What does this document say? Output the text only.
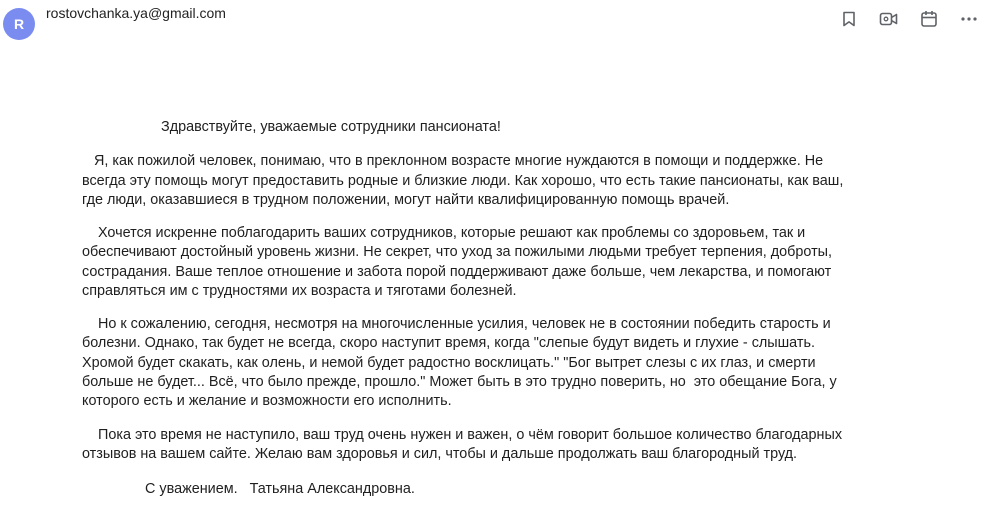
R
rostovchanka.ya@gmail.com
Здравствуйте, уважаемые сотрудники пансионата!
Я, как пожилой человек, понимаю, что в преклонном возрасте многие нуждаются в помощи и поддержке. Не
всегда эту помощь могут предоставить родные и близкие люди. Как хорошо, что есть такие пансионаты, как ваш,
где люди, оказавшиеся в трудном положении, могут найти квалифицированную помощь врачей.
Хочется искренне поблагодарить ваших сотрудников, которые решают как проблемы со здоровьем, так и
обеспечивают достойный уровень жизни. Не секрет, что уход за пожилыми людьми требует терпения, доброты,
сострадания. Ваше теплое отношение и забота порой поддерживают даже больше, чем лекарства, и помогают
справляться им с трудностями их возраста и тяготами болезней.
Но к сожалению, сегодня, несмотря на многочисленные усилия, человек не в состоянии победить старость и
болезни. Однако, так будет не всегда, скоро наступит время, когда "слепые будут видеть и глухие - слышать.
Хромой будет скакать, как олень, и немой будет радостно восклицать." "Бог вытрет слезы с их глаз, и смерти
больше не будет... Всё, что было прежде, прошло." Может быть в это трудно поверить, но  это обещание Бога, у
которого есть и желание и возможности его исполнить.
Пока это время не наступило, ваш труд очень нужен и важен, о чём говорит большое количество благодарных
отзывов на вашем сайте. Желаю вам здоровья и сил, чтобы и дальше продолжать ваш благородный труд.
С уважением.   Татьяна Александровна.
